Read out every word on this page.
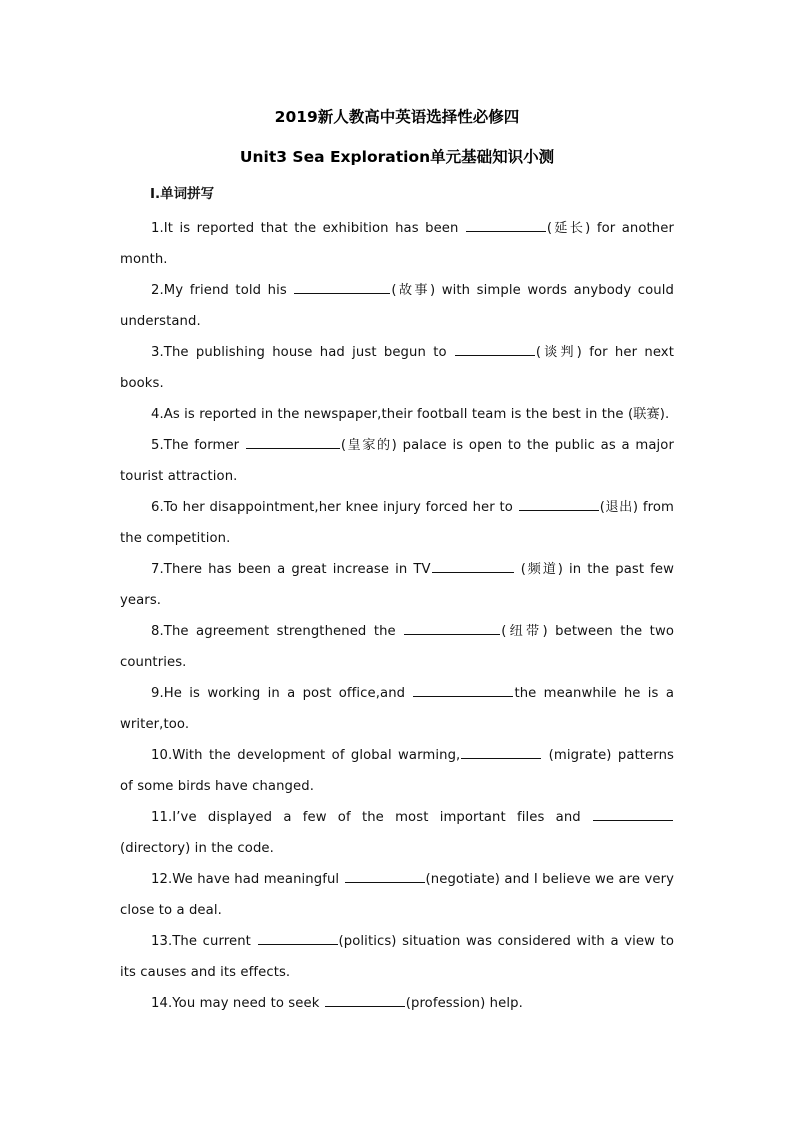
2019新人教高中英语选择性必修四
Unit3 Sea Exploration单元基础知识小测
Ⅰ.单词拼写

1.It is reported that the exhibition has been	(延长) for another month.

2.My friend told his	(故事) with simple words anybody could understand.

3.The publishing house had just begun to	(谈判) for her next books.

4.As is reported in the newspaper,their football team is the best in the (联赛).

5.The former	(皇家的) palace is open to the public as a major tourist attraction.

6.To her disappointment,her knee injury forced her to	(退出) from the competition.

7.There has been a great increase in TV	(频道) in the past few years.

8.The agreement strengthened the	(纽带) between the two countries.

9.He is working in a post office,and	the meanwhile he is a writer,too.

10.With the development of global warming,	(migrate) patterns of some birds have changed.

11.I’ve displayed a few of the most important files and (directory) in the code.

12.We have had meaningful	(negotiate) and I believe we are very close to a deal.

13.The current	(politics) situation was considered with a view to its causes and its effects.

14.You may need to seek	(profession) help.
